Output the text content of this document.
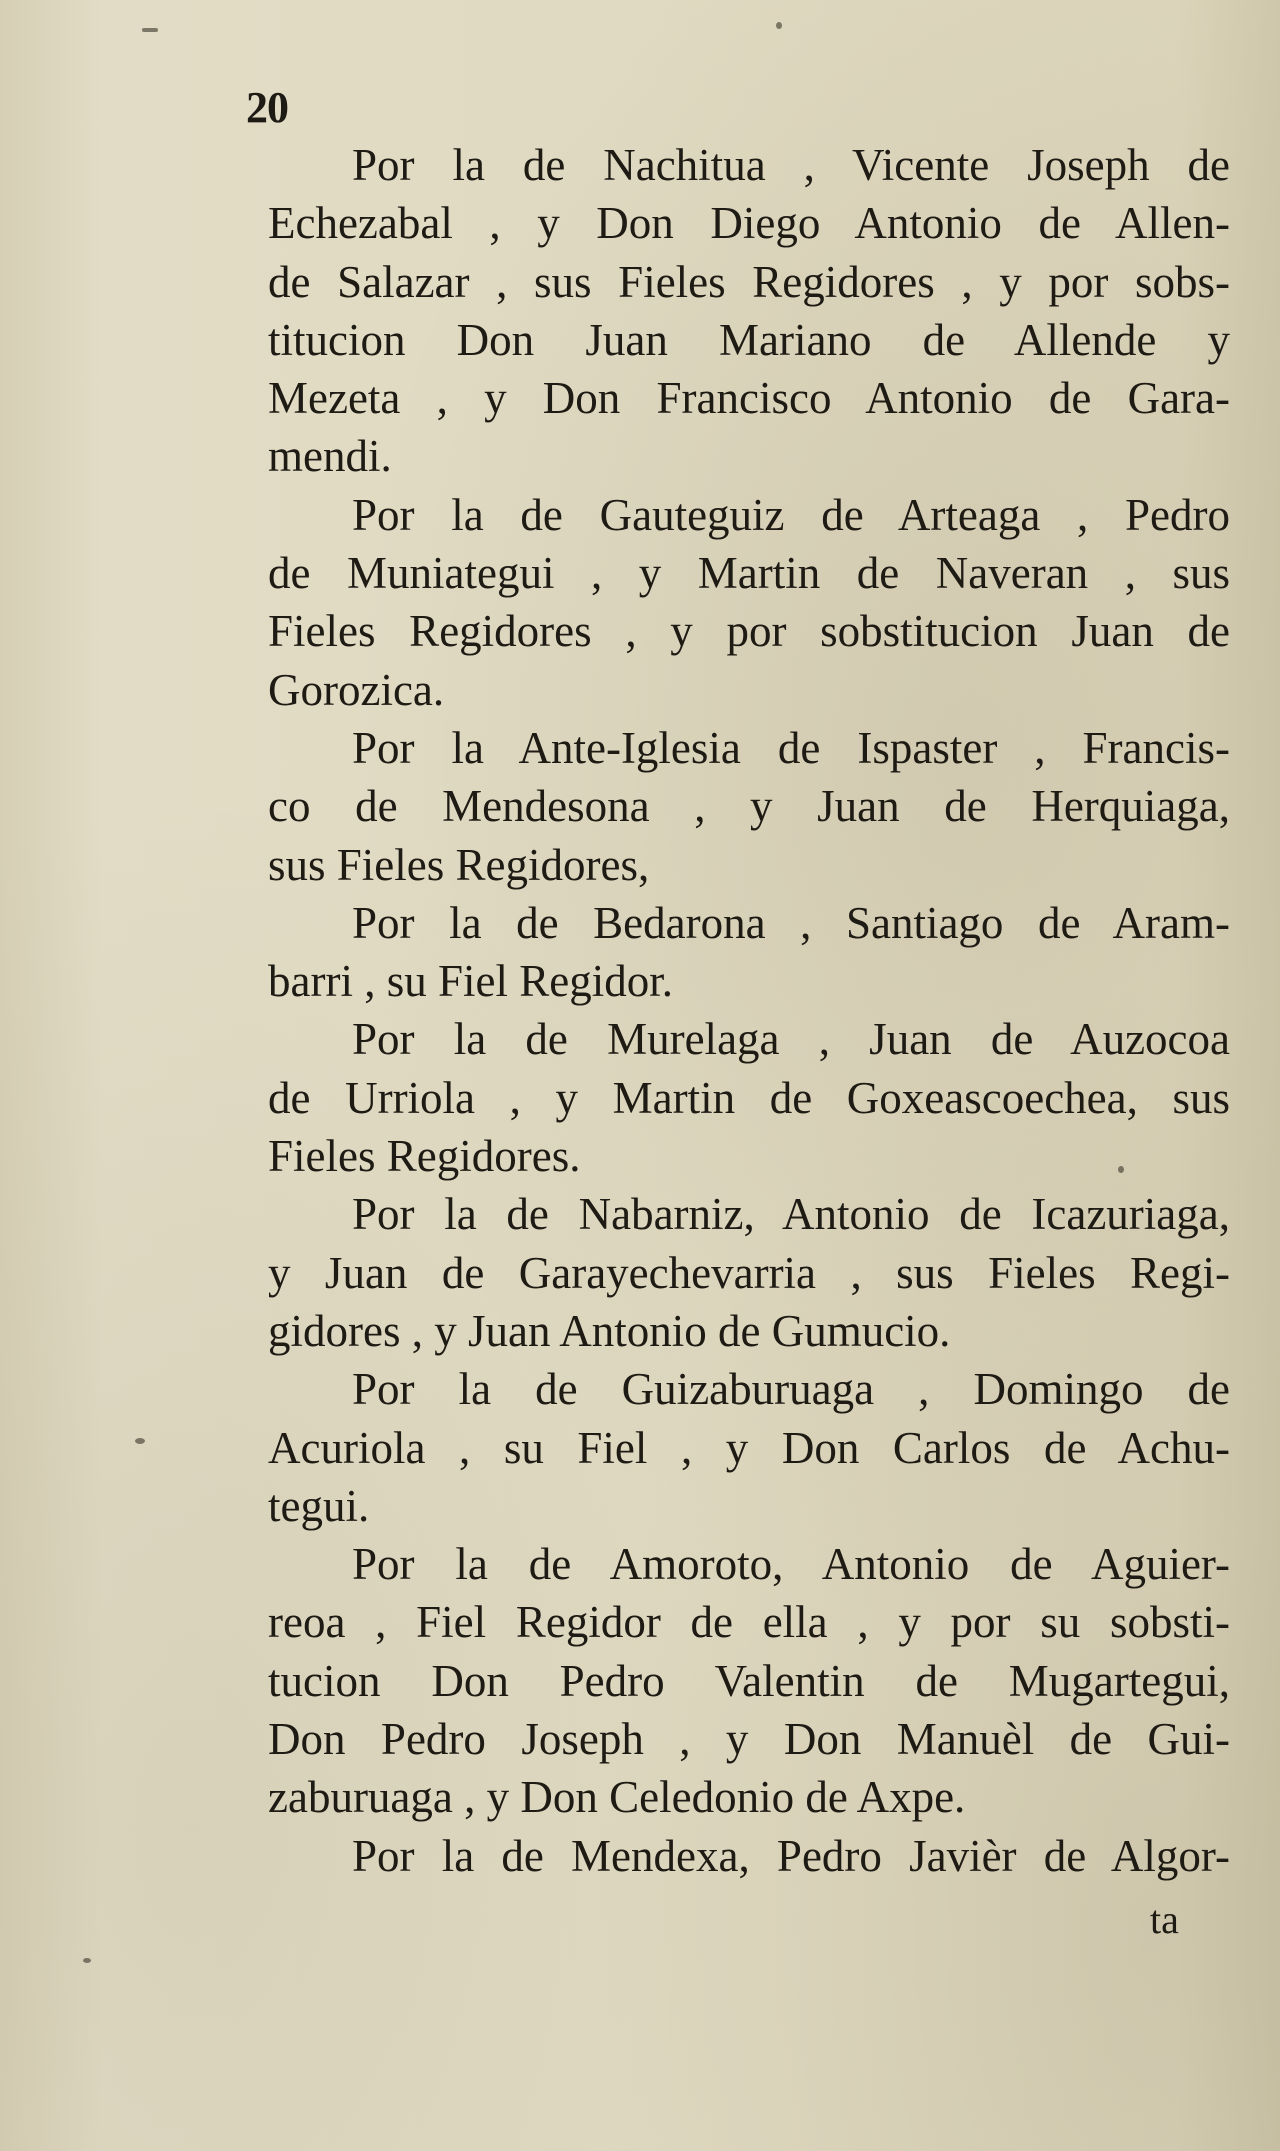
20
Por la de Nachitua , Vicente Joseph de
Echezabal , y Don Diego Antonio de Allen-
de Salazar , sus Fieles Regidores , y por sobs-
titucion Don Juan Mariano de Allende y
Mezeta , y Don Francisco Antonio de Gara-
mendi.
Por la de Gauteguiz de Arteaga , Pedro
de Muniategui , y Martin de Naveran , sus
Fieles Regidores , y por sobstitucion Juan de
Gorozica.
Por la Ante-Iglesia de Ispaster , Francis-
co de Mendesona , y Juan de Herquiaga,
sus Fieles Regidores,
Por la de Bedarona , Santiago de Aram-
barri , su Fiel Regidor.
Por la de Murelaga , Juan de Auzocoa
de Urriola , y Martin de Goxeascoechea, sus
Fieles Regidores.
Por la de Nabarniz, Antonio de Icazuriaga,
y Juan de Garayechevarria , sus Fieles Regi-
gidores , y Juan Antonio de Gumucio.
Por la de Guizaburuaga , Domingo de
Acuriola , su Fiel , y Don Carlos de Achu-
tegui.
Por la de Amoroto, Antonio de Aguier-
reoa , Fiel Regidor de ella , y por su sobsti-
tucion Don Pedro Valentin de Mugartegui,
Don Pedro Joseph , y Don Manuèl de Gui-
zaburuaga , y Don Celedonio de Axpe.
Por la de Mendexa, Pedro Javièr de Algor-
ta
